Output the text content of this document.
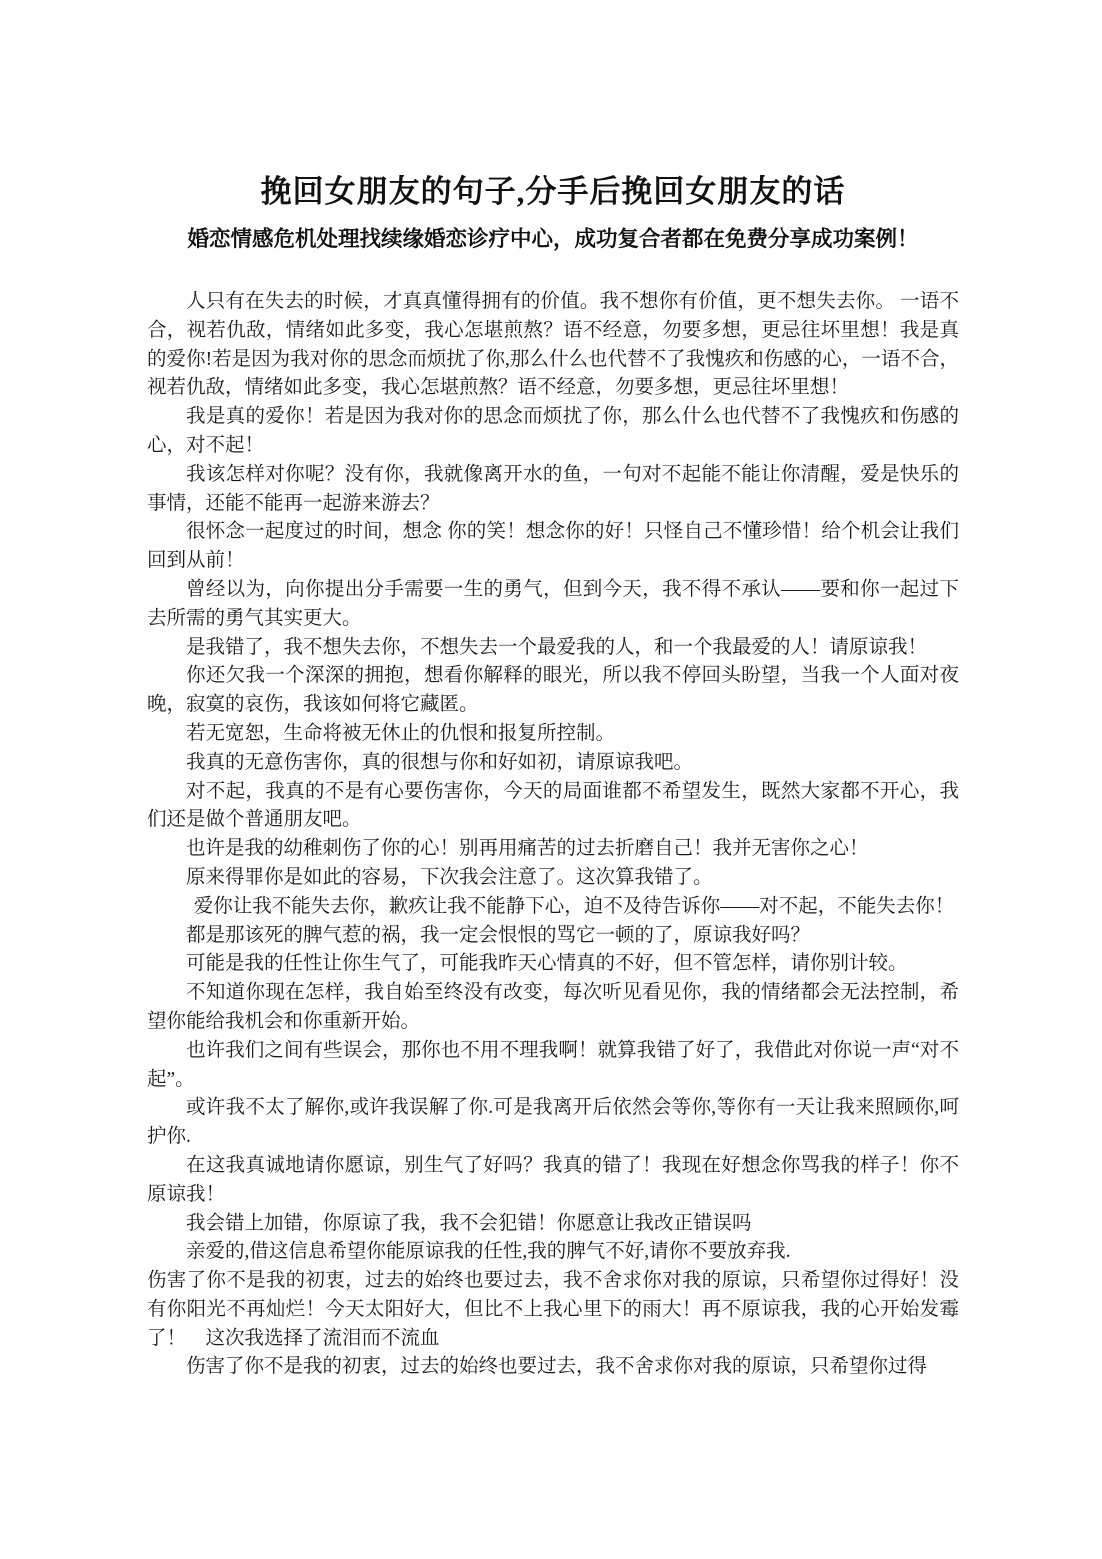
挽回女朋友的句子,分手后挽回女朋友的话
婚恋情感危机处理找续缘婚恋诊疗中心，成功复合者都在免费分享成功案例！

人只有在失去的时候，才真真懂得拥有的价值。我不想你有价值，更不想失去你。 一语不合，视若仇敌，情绪如此多变，我心怎堪煎熬？语不经意，勿要多想，更忌往坏里想！我是真的爱你!若是因为我对你的思念而烦扰了你,那么什么也代替不了我愧疚和伤感的心，一语不合，视若仇敌，情绪如此多变，我心怎堪煎熬？语不经意，勿要多想，更忌往坏里想！

我是真的爱你！若是因为我对你的思念而烦扰了你，那么什么也代替不了我愧疚和伤感的心，对不起！

我该怎样对你呢？没有你，我就像离开水的鱼，一句对不起能不能让你清醒，爱是快乐的事情，还能不能再一起游来游去？

很怀念一起度过的时间，想念 你的笑！想念你的好！只怪自己不懂珍惜！给个机会让我们回到从前！

曾经以为，向你提出分手需要一生的勇气，但到今天，我不得不承认——要和你一起过下去所需的勇气其实更大。

是我错了，我不想失去你，不想失去一个最爱我的人，和一个我最爱的人！请原谅我！

你还欠我一个深深的拥抱，想看你解释的眼光，所以我不停回头盼望，当我一个人面对夜晚，寂寞的哀伤，我该如何将它藏匿。

若无宽恕，生命将被无休止的仇恨和报复所控制。

我真的无意伤害你，真的很想与你和好如初，请原谅我吧。

对不起，我真的不是有心要伤害你，今天的局面谁都不希望发生，既然大家都不开心，我们还是做个普通朋友吧。

也许是我的幼稚刺伤了你的心！别再用痛苦的过去折磨自己！我并无害你之心！

原来得罪你是如此的容易，下次我会注意了。这次算我错了。

爱你让我不能失去你，歉疚让我不能静下心，迫不及待告诉你——对不起，不能失去你！

都是那该死的脾气惹的祸，我一定会恨恨的骂它一顿的了，原谅我好吗？

可能是我的任性让你生气了，可能我昨天心情真的不好，但不管怎样，请你别计较。

不知道你现在怎样，我自始至终没有改变，每次听见看见你，我的情绪都会无法控制，希望你能给我机会和你重新开始。

也许我们之间有些误会，那你也不用不理我啊！就算我错了好了，我借此对你说一声“对不起”。

或许我不太了解你,或许我误解了你.可是我离开后依然会等你,等你有一天让我来照顾你,呵护你.

在这我真诚地请你愿谅，别生气了好吗？我真的错了！我现在好想念你骂我的样子！你不原谅我！

我会错上加错，你原谅了我，我不会犯错！你愿意让我改正错误吗

亲爱的,借这信息希望你能原谅我的任性,我的脾气不好,请你不要放弃我.

伤害了你不是我的初衷，过去的始终也要过去，我不舍求你对我的原谅，只希望你过得好！没有你阳光不再灿烂！今天太阳好大，但比不上我心里下的雨大！再不原谅我，我的心开始发霉了！　这次我选择了流泪而不流血

伤害了你不是我的初衷，过去的始终也要过去，我不舍求你对我的原谅，只希望你过得
